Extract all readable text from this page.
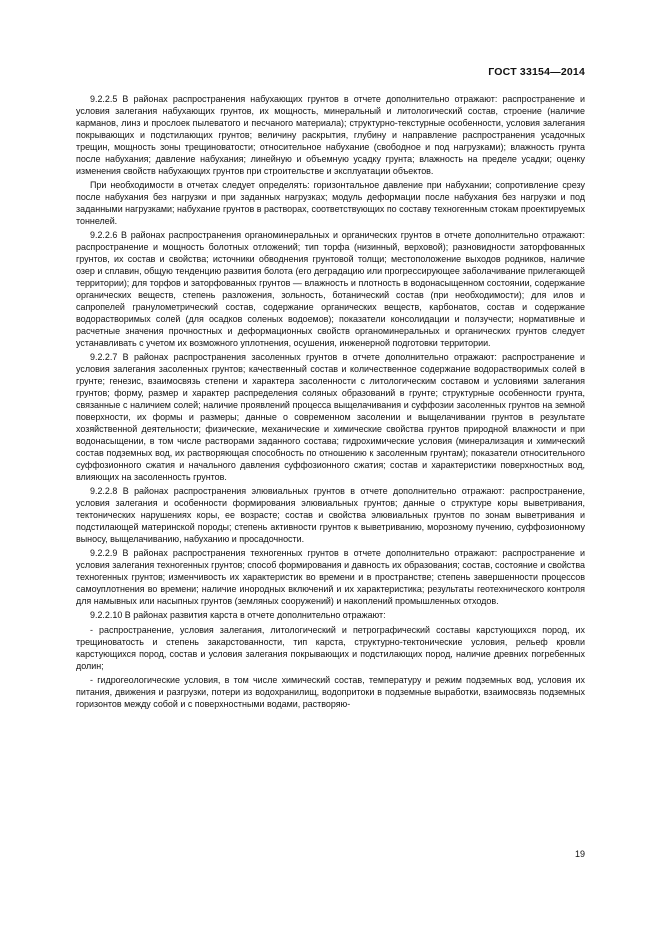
ГОСТ 33154—2014

9.2.2.5 В районах распространения набухающих грунтов в отчете дополнительно отражают: распространение и условия залегания набухающих грунтов, их мощность, минеральный и литологический состав, строение (наличие карманов, линз и прослоек пылеватого и песчаного материала); структурно-текстурные особенности, условия залегания покрывающих и подстилающих грунтов; величину раскрытия, глубину и направление распространения усадочных трещин, мощность зоны трещиноватости; относительное набухание (свободное и под нагрузками); влажность грунта после набухания; давление набухания; линейную и объемную усадку грунта; влажность на пределе усадки; оценку изменения свойств набухающих грунтов при строительстве и эксплуатации объектов.

При необходимости в отчетах следует определять: горизонтальное давление при набухании; сопротивление срезу после набухания без нагрузки и при заданных нагрузках; модуль деформации после набухания без нагрузки и под заданными нагрузками; набухание грунтов в растворах, соответствующих по составу техногенным стокам проектируемых тоннелей.

9.2.2.6 В районах распространения органоминеральных и органических грунтов в отчете дополнительно отражают: распространение и мощность болотных отложений; тип торфа (низинный, верховой); разновидности заторфованных грунтов, их состав и свойства; источники обводнения грунтовой толщи; местоположение выходов родников, наличие озер и сплавин, общую тенденцию развития болота (его деградацию или прогрессирующее заболачивание прилегающей территории); для торфов и заторфованных грунтов — влажность и плотность в водонасыщенном состоянии, содержание органических веществ, степень разложения, зольность, ботанический состав (при необходимости); для илов и сапропелей гранулометрический состав, содержание органических веществ, карбонатов, состав и содержание водорастворимых солей (для осадков соленых водоемов); показатели консолидации и ползучести; нормативные и расчетные значения прочностных и деформационных свойств органоминеральных и органических грунтов следует устанавливать с учетом их возможного уплотнения, осушения, инженерной подготовки территории.

9.2.2.7 В районах распространения засоленных грунтов в отчете дополнительно отражают: распространение и условия залегания засоленных грунтов; качественный состав и количественное содержание водорастворимых солей в грунте; генезис, взаимосвязь степени и характера засоленности с литологическим составом и условиями залегания грунтов; форму, размер и характер распределения соляных образований в грунте; структурные особенности грунта, связанные с наличием солей; наличие проявлений процесса выщелачивания и суффозии засоленных грунтов на земной поверхности, их формы и размеры; данные о современном засолении и выщелачивании грунтов в результате хозяйственной деятельности; физические, механические и химические свойства грунтов природной влажности и при водонасыщении, в том числе растворами заданного состава; гидрохимические условия (минерализация и химический состав подземных вод, их растворяющая способность по отношению к засоленным грунтам); показатели относительного суффозионного сжатия и начального давления суффозионного сжатия; состав и характеристики поверхностных вод, влияющих на засоленность грунтов.

9.2.2.8 В районах распространения элювиальных грунтов в отчете дополнительно отражают: распространение, условия залегания и особенности формирования элювиальных грунтов; данные о структуре коры выветривания, тектонических нарушениях коры, ее возрасте; состав и свойства элювиальных грунтов по зонам выветривания и подстилающей материнской породы; степень активности грунтов к выветриванию, морозному пучению, суффозионному выносу, выщелачиванию, набуханию и просадочности.

9.2.2.9 В районах распространения техногенных грунтов в отчете дополнительно отражают: распространение и условия залегания техногенных грунтов; способ формирования и давность их образования; состав, состояние и свойства техногенных грунтов; изменчивость их характеристик во времени и в пространстве; степень завершенности процессов самоуплотнения во времени; наличие инородных включений и их характеристика; результаты геотехнического контроля для намывных или насыпных грунтов (земляных сооружений) и накоплений промышленных отходов.

9.2.2.10 В районах развития карста в отчете дополнительно отражают:

- распространение, условия залегания, литологический и петрографический составы карстующихся пород, их трещиноватость и степень закарстованности, тип карста, структурно-тектонические условия, рельеф кровли карстующихся пород, состав и условия залегания покрывающих и подстилающих пород, наличие древних погребенных долин;

- гидрогеологические условия, в том числе химический состав, температуру и режим подземных вод, условия их питания, движения и разгрузки, потери из водохранилищ, водопритоки в подземные выработки, взаимосвязь подземных горизонтов между собой и с поверхностными водами, растворяю-

19
